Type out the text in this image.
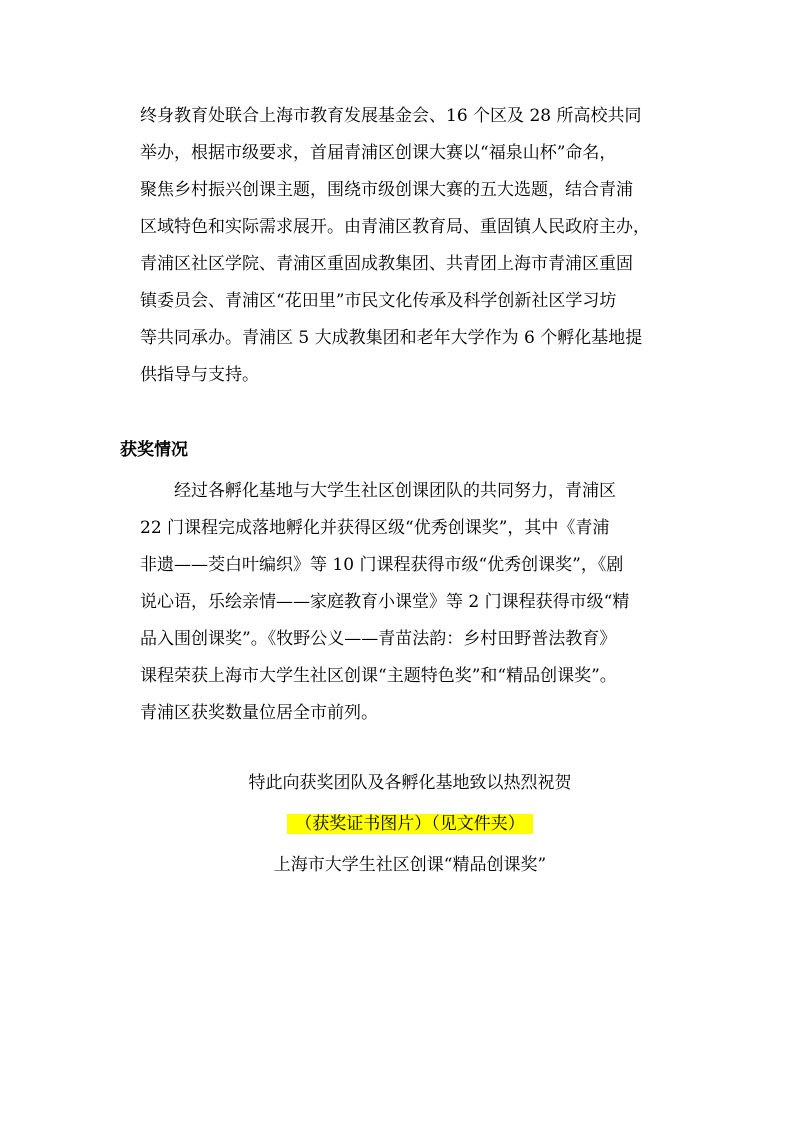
终身教育处联合上海市教育发展基金会、16 个区及 28 所高校共同
举办，根据市级要求，首届青浦区创课大赛以“福泉山杯”命名，
聚焦乡村振兴创课主题，围绕市级创课大赛的五大选题，结合青浦
区域特色和实际需求展开。由青浦区教育局、重固镇人民政府主办，
青浦区社区学院、青浦区重固成教集团、共青团上海市青浦区重固
镇委员会、青浦区“花田里”市民文化传承及科学创新社区学习坊
等共同承办。青浦区 5 大成教集团和老年大学作为 6 个孵化基地提
供指导与支持。
获奖情况
　　经过各孵化基地与大学生社区创课团队的共同努力，青浦区
22 门课程完成落地孵化并获得区级“优秀创课奖”，其中《青浦
非遗——茭白叶编织》等 10 门课程获得市级“优秀创课奖”，《剧
说心语，乐绘亲情——家庭教育小课堂》等 2 门课程获得市级“精
品入围创课奖”。《牧野公义——青苗法韵：乡村田野普法教育》
课程荣获上海市大学生社区创课“主题特色奖”和“精品创课奖”。
青浦区获奖数量位居全市前列。
特此向获奖团队及各孵化基地致以热烈祝贺
（获奖证书图片）（见文件夹）
上海市大学生社区创课“精品创课奖”
